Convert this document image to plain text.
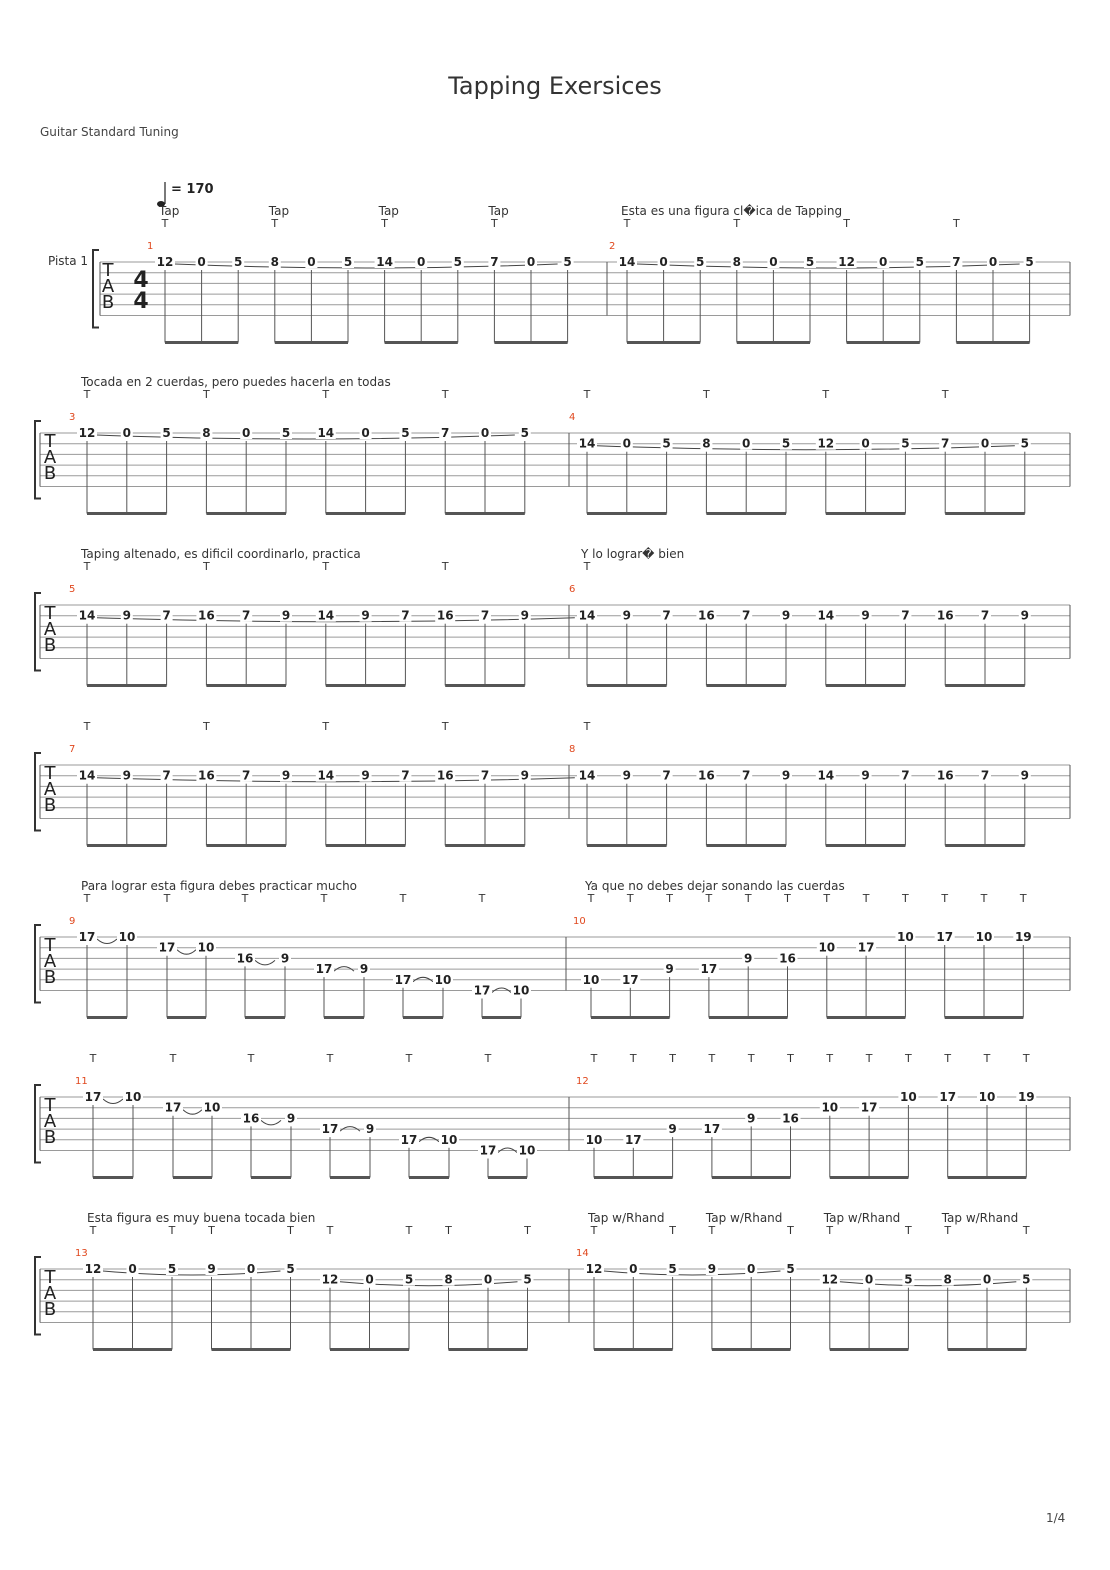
Tapping Exersices
Guitar Standard Tuning
1/4
T
A
B
Pista 1
4
4
= 170
1
Tap	Tap	Tap	Tap
T	T	T	T
12 0 5 8 0 5 14 0 5 7 0 5
2
Esta es una figura cl�ica de Tapping
T	T	T	T
14 0 5 8 0 5 12 0 5 7 0 5
T
A
B
3
Tocada en 2 cuerdas, pero puedes hacerla en todas
T	T	T	T
12 0	5	8	0	5 14 0	5	7	0	5
4
T	T	T	T
14 0	5	8	0	5 12 0	5	7	0	5
T
A
B
5
Taping altenado, es dificil coordinarlo, practica
T	T	T	T
14 9	7 16 7	9 14 9	7 16 7	9
6
Y lo lograr� bien
T
14 9	7 16 7	9 14 9	7 16 7	9
T
A
B
7
T	T	T	T
14 9	7 16 7	9 14 9	7 16 7	9
8
T
14 9	7 16 7	9 14 9	7 16 7	9
T
A
B
9
Para lograr esta figura debes practicar mucho
T	T	T	T	T	T
17 10
17 10
16 9
17 9
17 10
17 10
10
Ya que no debes dejar sonando las cuerdas
T	T	T	T	T	T	T	T	T	T	T	T
10 17
9 17
9 16
10 17
10 17 10 19
T
A
B
11
T	T	T	T	T	T
17 10
17 10
16 9
17 9
17 10
17 10
12
T	T	T	T	T	T	T	T	T	T	T	T
10 17
9 17
9 16
10 17
10 17 10 19
T
A
B
13
Esta figura es muy buena tocada bien
T	T	T	T	T	T	T	T
12 0	5	9	0	5
12 0	5	8	0	5
14
Tap w/Rhand	Tap w/Rhand	Tap w/Rhand	Tap w/Rhand
T	T	T	T	T	T	T	T
12 0	5	9	0	5
12 0	5	8	0	5
